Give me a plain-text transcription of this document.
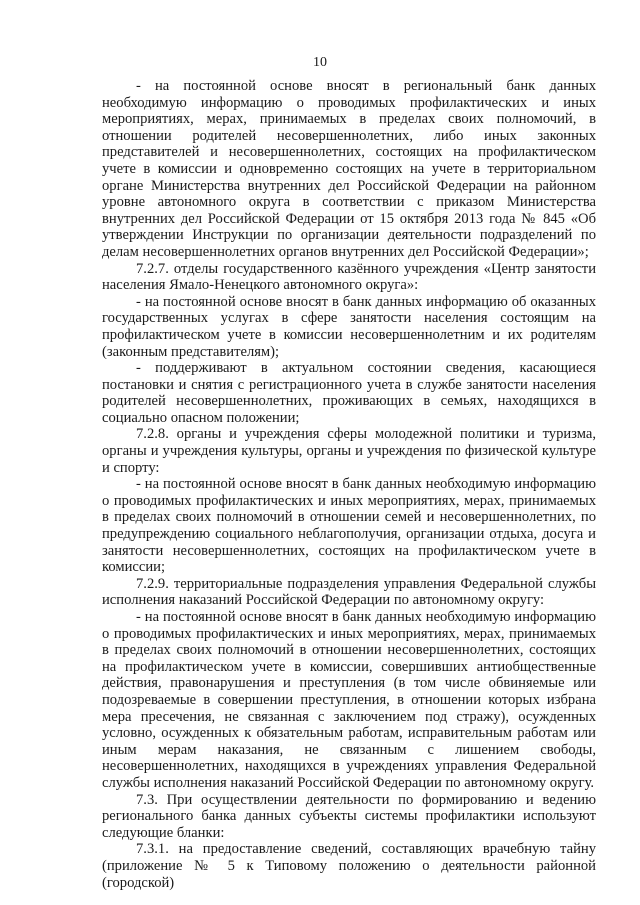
10

- на постоянной основе вносят в региональный банк данных необходимую информацию о проводимых профилактических и иных мероприятиях, мерах, принимаемых в пределах своих полномочий, в отношении родителей несовершеннолетних, либо иных законных представителей и несовершеннолетних, состоящих на профилактическом учете в комиссии и одновременно состоящих на учете в территориальном органе Министерства внутренних дел Российской Федерации на районном уровне автономного округа в соответствии с приказом Министерства внутренних дел Российской Федерации от 15 октября 2013 года № 845 «Об утверждении Инструкции по организации деятельности подразделений по делам несовершеннолетних органов внутренних дел Российской Федерации»;

7.2.7. отделы государственного казённого учреждения «Центр занятости населения Ямало-Ненецкого автономного округа»:

- на постоянной основе вносят в банк данных информацию об оказанных государственных услугах в сфере занятости населения состоящим на профилактическом учете в комиссии несовершеннолетним и их родителям (законным представителям);

- поддерживают в актуальном состоянии сведения, касающиеся постановки и снятия с регистрационного учета в службе занятости населения родителей несовершеннолетних, проживающих в семьях, находящихся в социально опасном положении;

7.2.8. органы и учреждения сферы молодежной политики и туризма, органы и учреждения культуры, органы и учреждения по физической культуре и спорту:

- на постоянной основе вносят в банк данных необходимую информацию о проводимых профилактических и иных мероприятиях, мерах, принимаемых в пределах своих полномочий в отношении семей и несовершеннолетних, по предупреждению социального неблагополучия, организации отдыха, досуга и занятости несовершеннолетних, состоящих на профилактическом учете в комиссии;

7.2.9. территориальные подразделения управления Федеральной службы исполнения наказаний Российской Федерации по автономному округу:

- на постоянной основе вносят в банк данных необходимую информацию о проводимых профилактических и иных мероприятиях, мерах, принимаемых в пределах своих полномочий в отношении несовершеннолетних, состоящих на профилактическом учете в комиссии, совершивших антиобщественные действия, правонарушения и преступления (в том числе обвиняемые или подозреваемые в совершении преступления, в отношении которых избрана мера пресечения, не связанная с заключением под стражу), осужденных условно, осужденных к обязательным работам, исправительным работам или иным мерам наказания, не связанным с лишением свободы, несовершеннолетних, находящихся в учреждениях управления Федеральной службы исполнения наказаний Российской Федерации по автономному округу.

7.3. При осуществлении деятельности по формированию и ведению регионального банка данных субъекты системы профилактики используют следующие бланки:

7.3.1. на предоставление сведений, составляющих врачебную тайну (приложение № 5 к Типовому положению о деятельности районной (городской)
